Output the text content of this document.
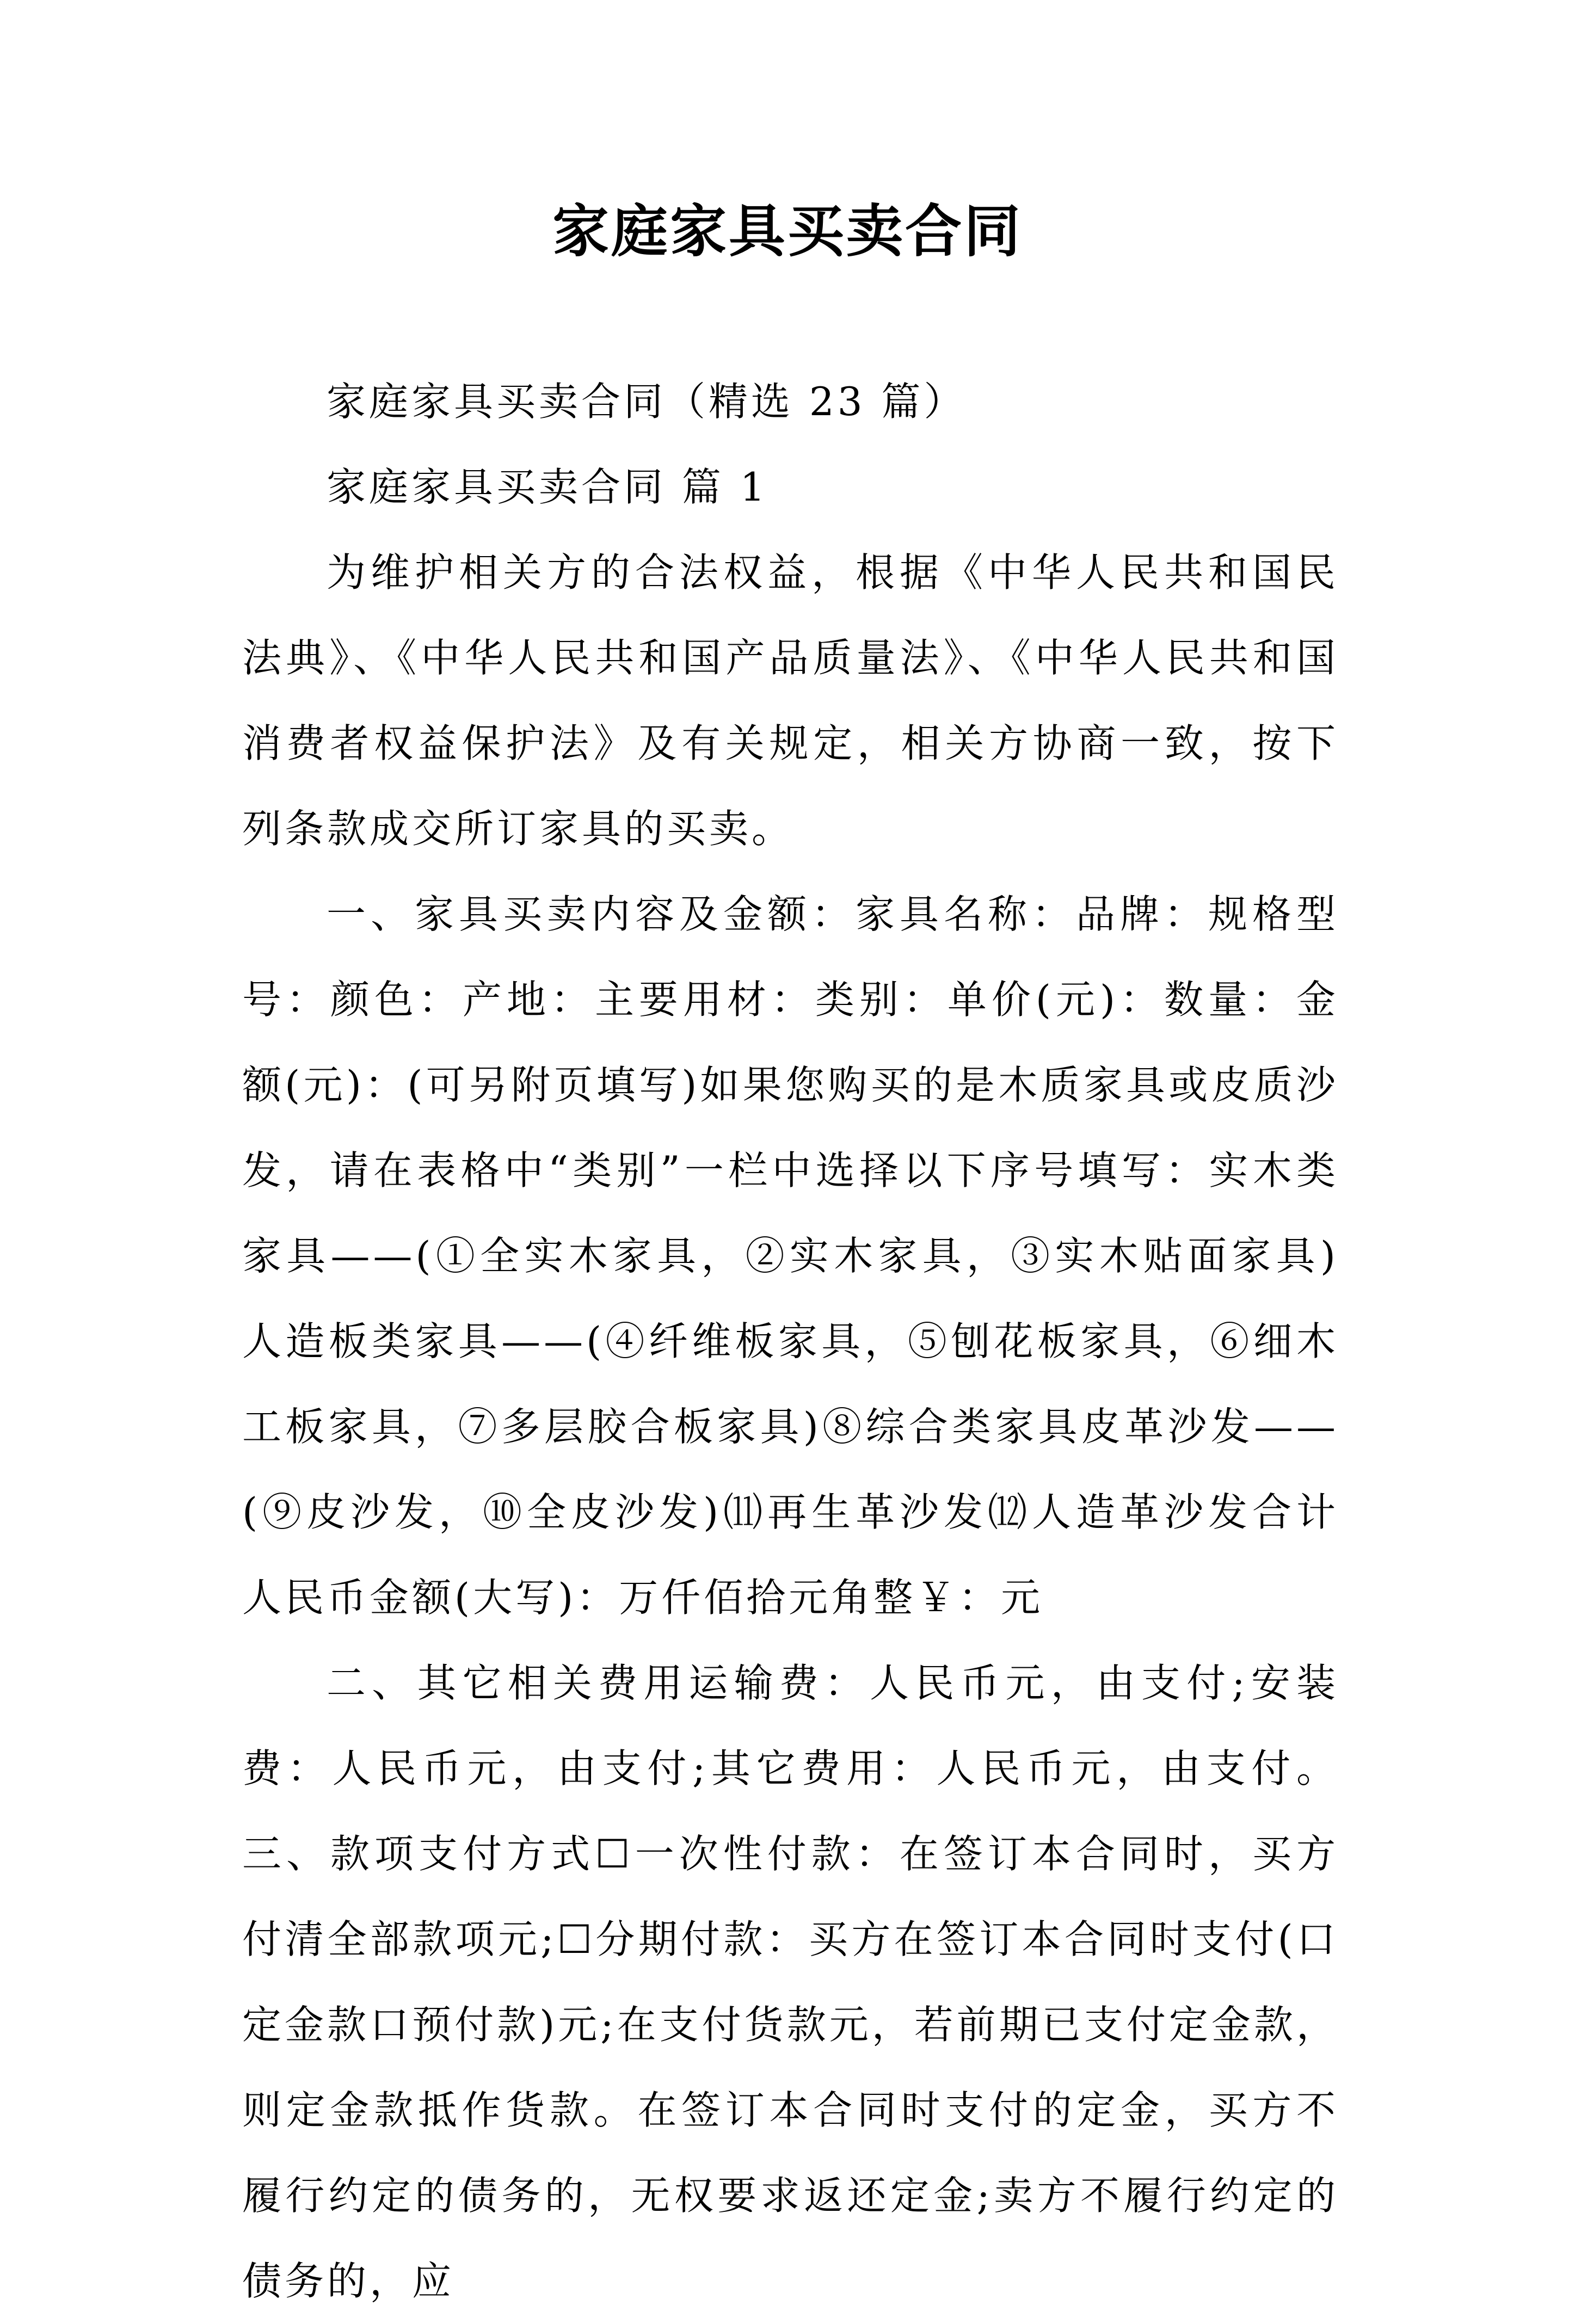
家庭家具买卖合同

家庭家具买卖合同（精选 23 篇）

家庭家具买卖合同 篇 1

为维护相关方的合法权益，根据《中华人民共和国民法典》、《中华人民共和国产品质量法》、《中华人民共和国消费者权益保护法》及有关规定，相关方协商一致，按下列条款成交所订家具的买卖。

一、家具买卖内容及金额：家具名称：品牌：规格型号：颜色：产地：主要用材：类别：单价(元)：数量：金额(元)：(可另附页填写)如果您购买的是木质家具或皮质沙发，请在表格中“类别”一栏中选择以下序号填写：实木类家具——(①全实木家具，②实木家具，③实木贴面家具)人造板类家具——(④纤维板家具，⑤刨花板家具，⑥细木工板家具，⑦多层胶合板家具)⑧综合类家具皮革沙发——(⑨皮沙发，⑩全皮沙发)⑾再生革沙发⑿人造革沙发合计人民币金额(大写)：万仟佰拾元角整￥：元

二、其它相关费用运输费：人民币元，由支付;安装费：人民币元，由支付;其它费用：人民币元，由支付。三、款项支付方式☐一次性付款：在签订本合同时，买方付清全部款项元;☐分期付款：买方在签订本合同时支付(口定金款口预付款)元;在支付货款元，若前期已支付定金款，则定金款抵作货款。在签订本合同时支付的定金，买方不履行约定的债务的，无权要求返还定金;卖方不履行约定的债务的，应
